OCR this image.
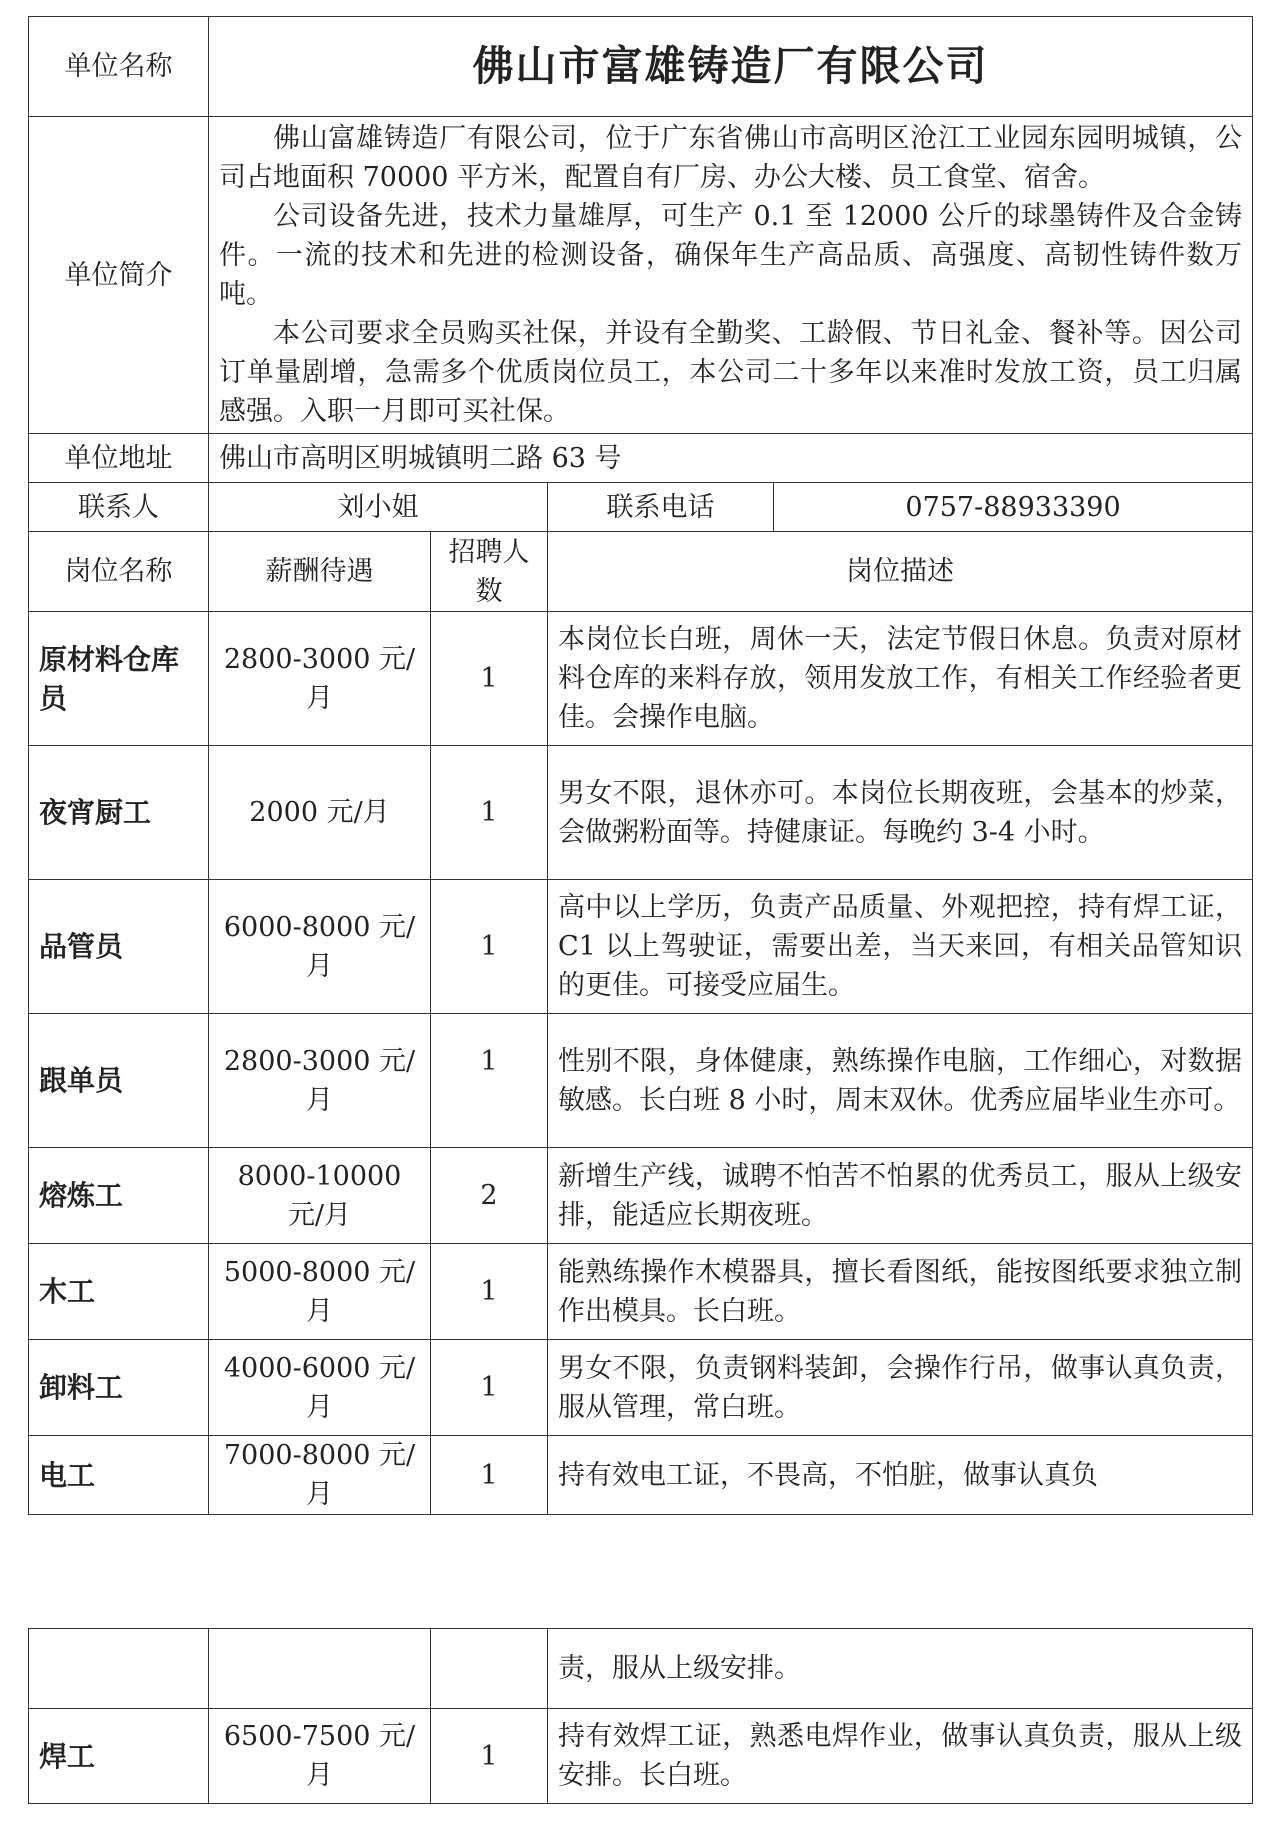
单位名称	佛山市富雄铸造厂有限公司			
单位简介	佛山富雄铸造厂有限公司，位于广东省佛山市高明区沧江工业园东园明城镇，公司占地面积 70000 平方米，配置自有厂房、办公大楼、员工食堂、宿舍。

公司设备先进，技术力量雄厚，可生产 0.1 至 12000 公斤的球墨铸件及合金铸件。一流的技术和先进的检测设备，确保年生产高品质、高强度、高韧性铸件数万吨。

本公司要求全员购买社保，并设有全勤奖、工龄假、节日礼金、餐补等。因公司订单量剧增，急需多个优质岗位员工，本公司二十多年以来准时发放工资，员工归属感强。入职一月即可买社保。			

单位地址	佛山市高明区明城镇明二路 63 号			
联系人	刘小姐		联系电话	0757-88933390
岗位名称	薪酬待遇	招聘人数	岗位描述	
原材料仓库员	2800-3000 元/月	1	本岗位长白班，周休一天，法定节假日休息。负责对原材料仓库的来料存放，领用发放工作，有相关工作经验者更佳。会操作电脑。	
夜宵厨工	2000 元/月	1	男女不限，退休亦可。本岗位长期夜班，会基本的炒菜，会做粥粉面等。持健康证。每晚约 3-4 小时。	
品管员	6000-8000 元/月	1	高中以上学历，负责产品质量、外观把控，持有焊工证，C1 以上驾驶证，需要出差，当天来回，有相关品管知识的更佳。可接受应届生。	
跟单员	2800-3000 元/月	1	性别不限，身体健康，熟练操作电脑，工作细心，对数据敏感。长白班 8 小时，周末双休。优秀应届毕业生亦可。	
熔炼工	8000-10000 元/月	2	新增生产线，诚聘不怕苦不怕累的优秀员工，服从上级安排，能适应长期夜班。	
木工	5000-8000 元/月	1	能熟练操作木模器具，擅长看图纸，能按图纸要求独立制作出模具。长白班。	
卸料工	4000-6000 元/月	1	男女不限，负责钢料装卸，会操作行吊，做事认真负责，服从管理，常白班。	
电工	7000-8000 元/月	1	持有效电工证，不畏高，不怕脏，做事认真负	
			责，服从上级安排。
焊工	6500-7500 元/月	1	持有效焊工证，熟悉电焊作业，做事认真负责，服从上级安排。长白班。
